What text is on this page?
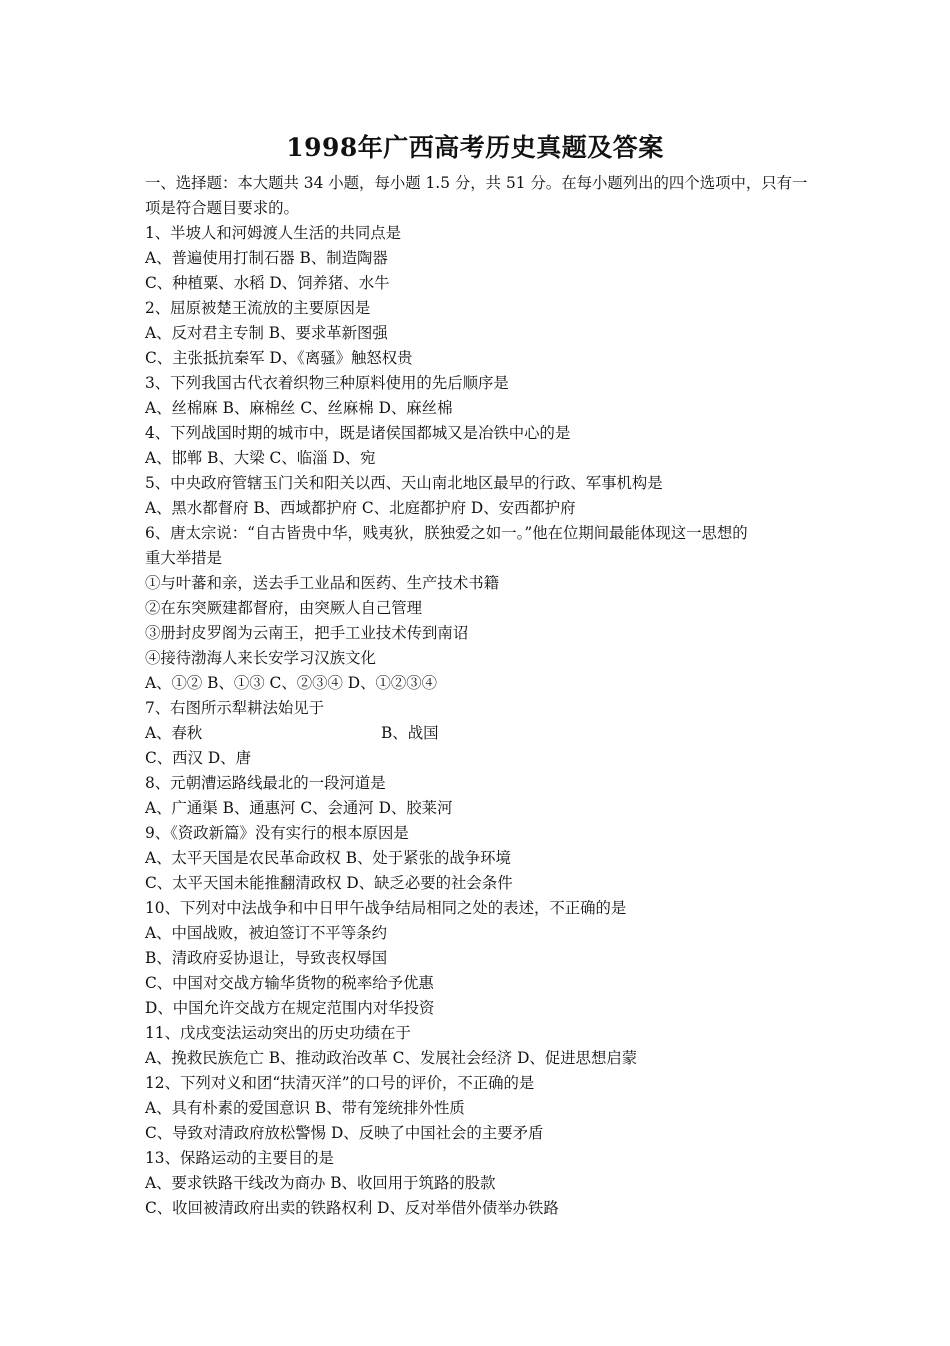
1998年广西高考历史真题及答案
一、选择题：本大题共 34 小题，每小题 1.5 分，共 51 分。在每小题列出的四个选项中，只有一
项是符合题目要求的。
1、半坡人和河姆渡人生活的共同点是
A、普遍使用打制石器 B、制造陶器
C、种植粟、水稻 D、饲养猪、水牛
2、屈原被楚王流放的主要原因是
A、反对君主专制 B、要求革新图强
C、主张抵抗秦军 D、《离骚》触怒权贵
3、下列我国古代衣着织物三种原料使用的先后顺序是
A、丝棉麻 B、麻棉丝 C、丝麻棉 D、麻丝棉
4、下列战国时期的城市中，既是诸侯国都城又是冶铁中心的是
A、邯郸 B、大梁 C、临淄 D、宛
5、中央政府管辖玉门关和阳关以西、天山南北地区最早的行政、军事机构是
A、黑水都督府 B、西域都护府 C、北庭都护府 D、安西都护府
6、唐太宗说：“自古皆贵中华，贱夷狄，朕独爱之如一。”他在位期间最能体现这一思想的
重大举措是
①与叶蕃和亲，送去手工业品和医药、生产技术书籍
②在东突厥建都督府，由突厥人自己管理
③册封皮罗阁为云南王，把手工业技术传到南诏
④接待渤海人来长安学习汉族文化
A、①② B、①③ C、②③④ D、①②③④
7、右图所示犁耕法始见于
A、春秋	B、战国
C、西汉 D、唐
8、元朝漕运路线最北的一段河道是
A、广通渠 B、通惠河 C、会通河 D、胶莱河
9、《资政新篇》没有实行的根本原因是
A、太平天国是农民革命政权 B、处于紧张的战争环境
C、太平天国未能推翻清政权 D、缺乏必要的社会条件
10、下列对中法战争和中日甲午战争结局相同之处的表述，不正确的是
A、中国战败，被迫签订不平等条约
B、清政府妥协退让，导致丧权辱国
C、中国对交战方输华货物的税率给予优惠
D、中国允许交战方在规定范围内对华投资
11、戊戌变法运动突出的历史功绩在于
A、挽救民族危亡 B、推动政治改革 C、发展社会经济 D、促进思想启蒙
12、下列对义和团“扶清灭洋”的口号的评价，不正确的是
A、具有朴素的爱国意识 B、带有笼统排外性质
C、导致对清政府放松警惕 D、反映了中国社会的主要矛盾
13、保路运动的主要目的是
A、要求铁路干线改为商办 B、收回用于筑路的股款
C、收回被清政府出卖的铁路权利 D、反对举借外债举办铁路
